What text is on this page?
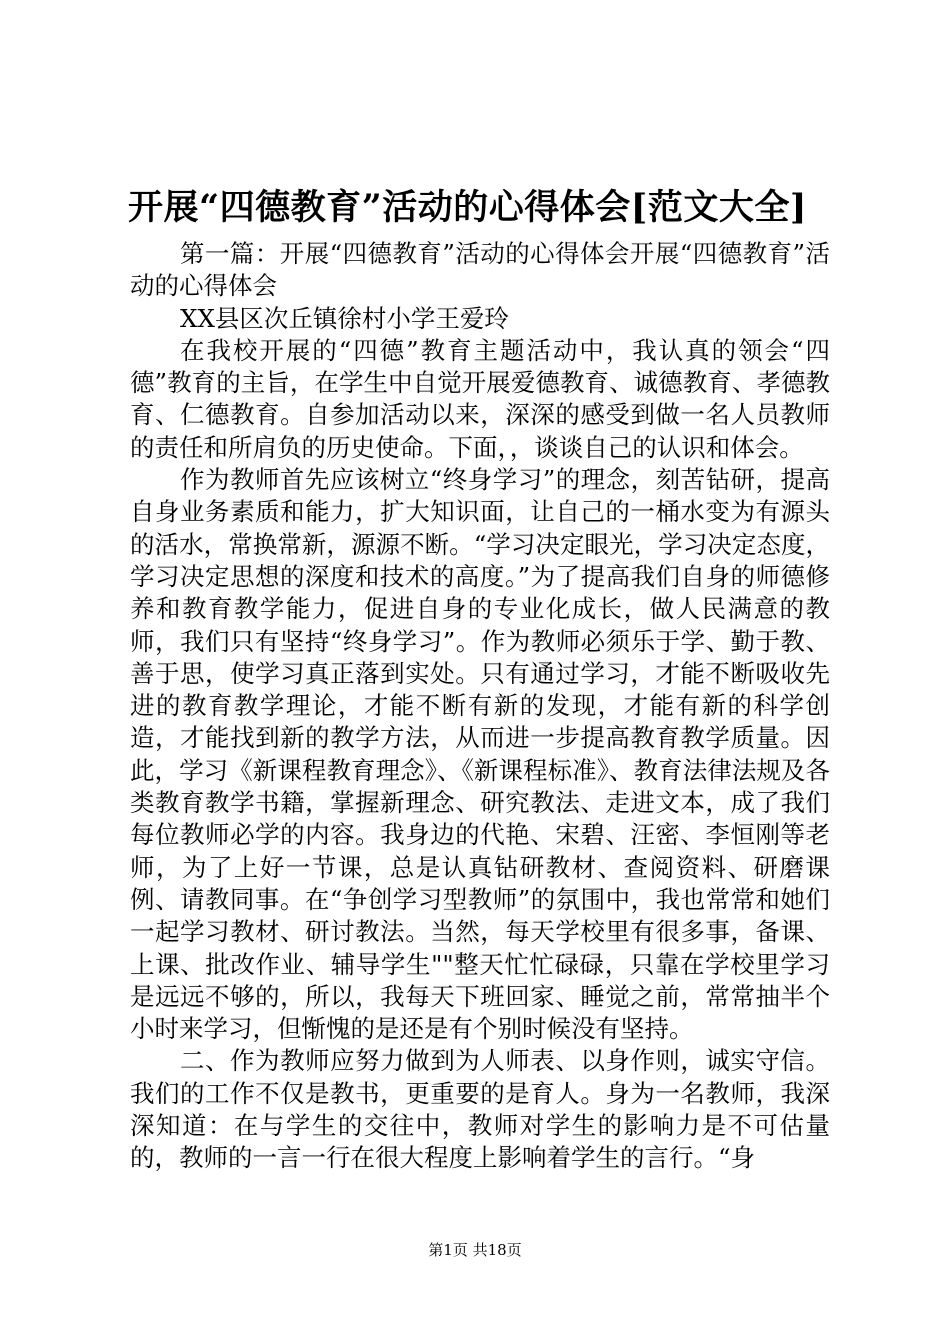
开展“四德教育”活动的心得体会[范文大全]

第一篇：开展“四德教育”活动的心得体会开展“四德教育”活动的心得体会

XX县区次丘镇徐村小学王爱玲

在我校开展的“四德”教育主题活动中，我认真的领会“四德”教育的主旨，在学生中自觉开展爱德教育、诚德教育、孝德教育、仁德教育。自参加活动以来，深深的感受到做一名人员教师的责任和所肩负的历史使命。下面，，谈谈自己的认识和体会。

作为教师首先应该树立“终身学习”的理念，刻苦钻研，提高自身业务素质和能力，扩大知识面，让自己的一桶水变为有源头的活水，常换常新，源源不断。“学习决定眼光，学习决定态度，学习决定思想的深度和技术的高度。”为了提高我们自身的师德修养和教育教学能力，促进自身的专业化成长，做人民满意的教师，我们只有坚持“终身学习”。作为教师必须乐于学、勤于教、善于思，使学习真正落到实处。只有通过学习，才能不断吸收先进的教育教学理论，才能不断有新的发现，才能有新的科学创造，才能找到新的教学方法，从而进一步提高教育教学质量。因此，学习《新课程教育理念》、《新课程标准》、教育法律法规及各类教育教学书籍，掌握新理念、研究教法、走进文本，成了我们每位教师必学的内容。我身边的代艳、宋碧、汪密、李恒刚等老师，为了上好一节课，总是认真钻研教材、查阅资料、研磨课例、请教同事。在“争创学习型教师”的氛围中，我也常常和她们一起学习教材、研讨教法。当然，每天学校里有很多事，备课、上课、批改作业、辅导学生""整天忙忙碌碌，只靠在学校里学习是远远不够的，所以，我每天下班回家、睡觉之前，常常抽半个小时来学习，但惭愧的是还是有个别时候没有坚持。

二、作为教师应努力做到为人师表、以身作则，诚实守信。我们的工作不仅是教书，更重要的是育人。身为一名教师，我深深知道：在与学生的交往中，教师对学生的影响力是不可估量的，教师的一言一行在很大程度上影响着学生的言行。“身

第1页 共18页
